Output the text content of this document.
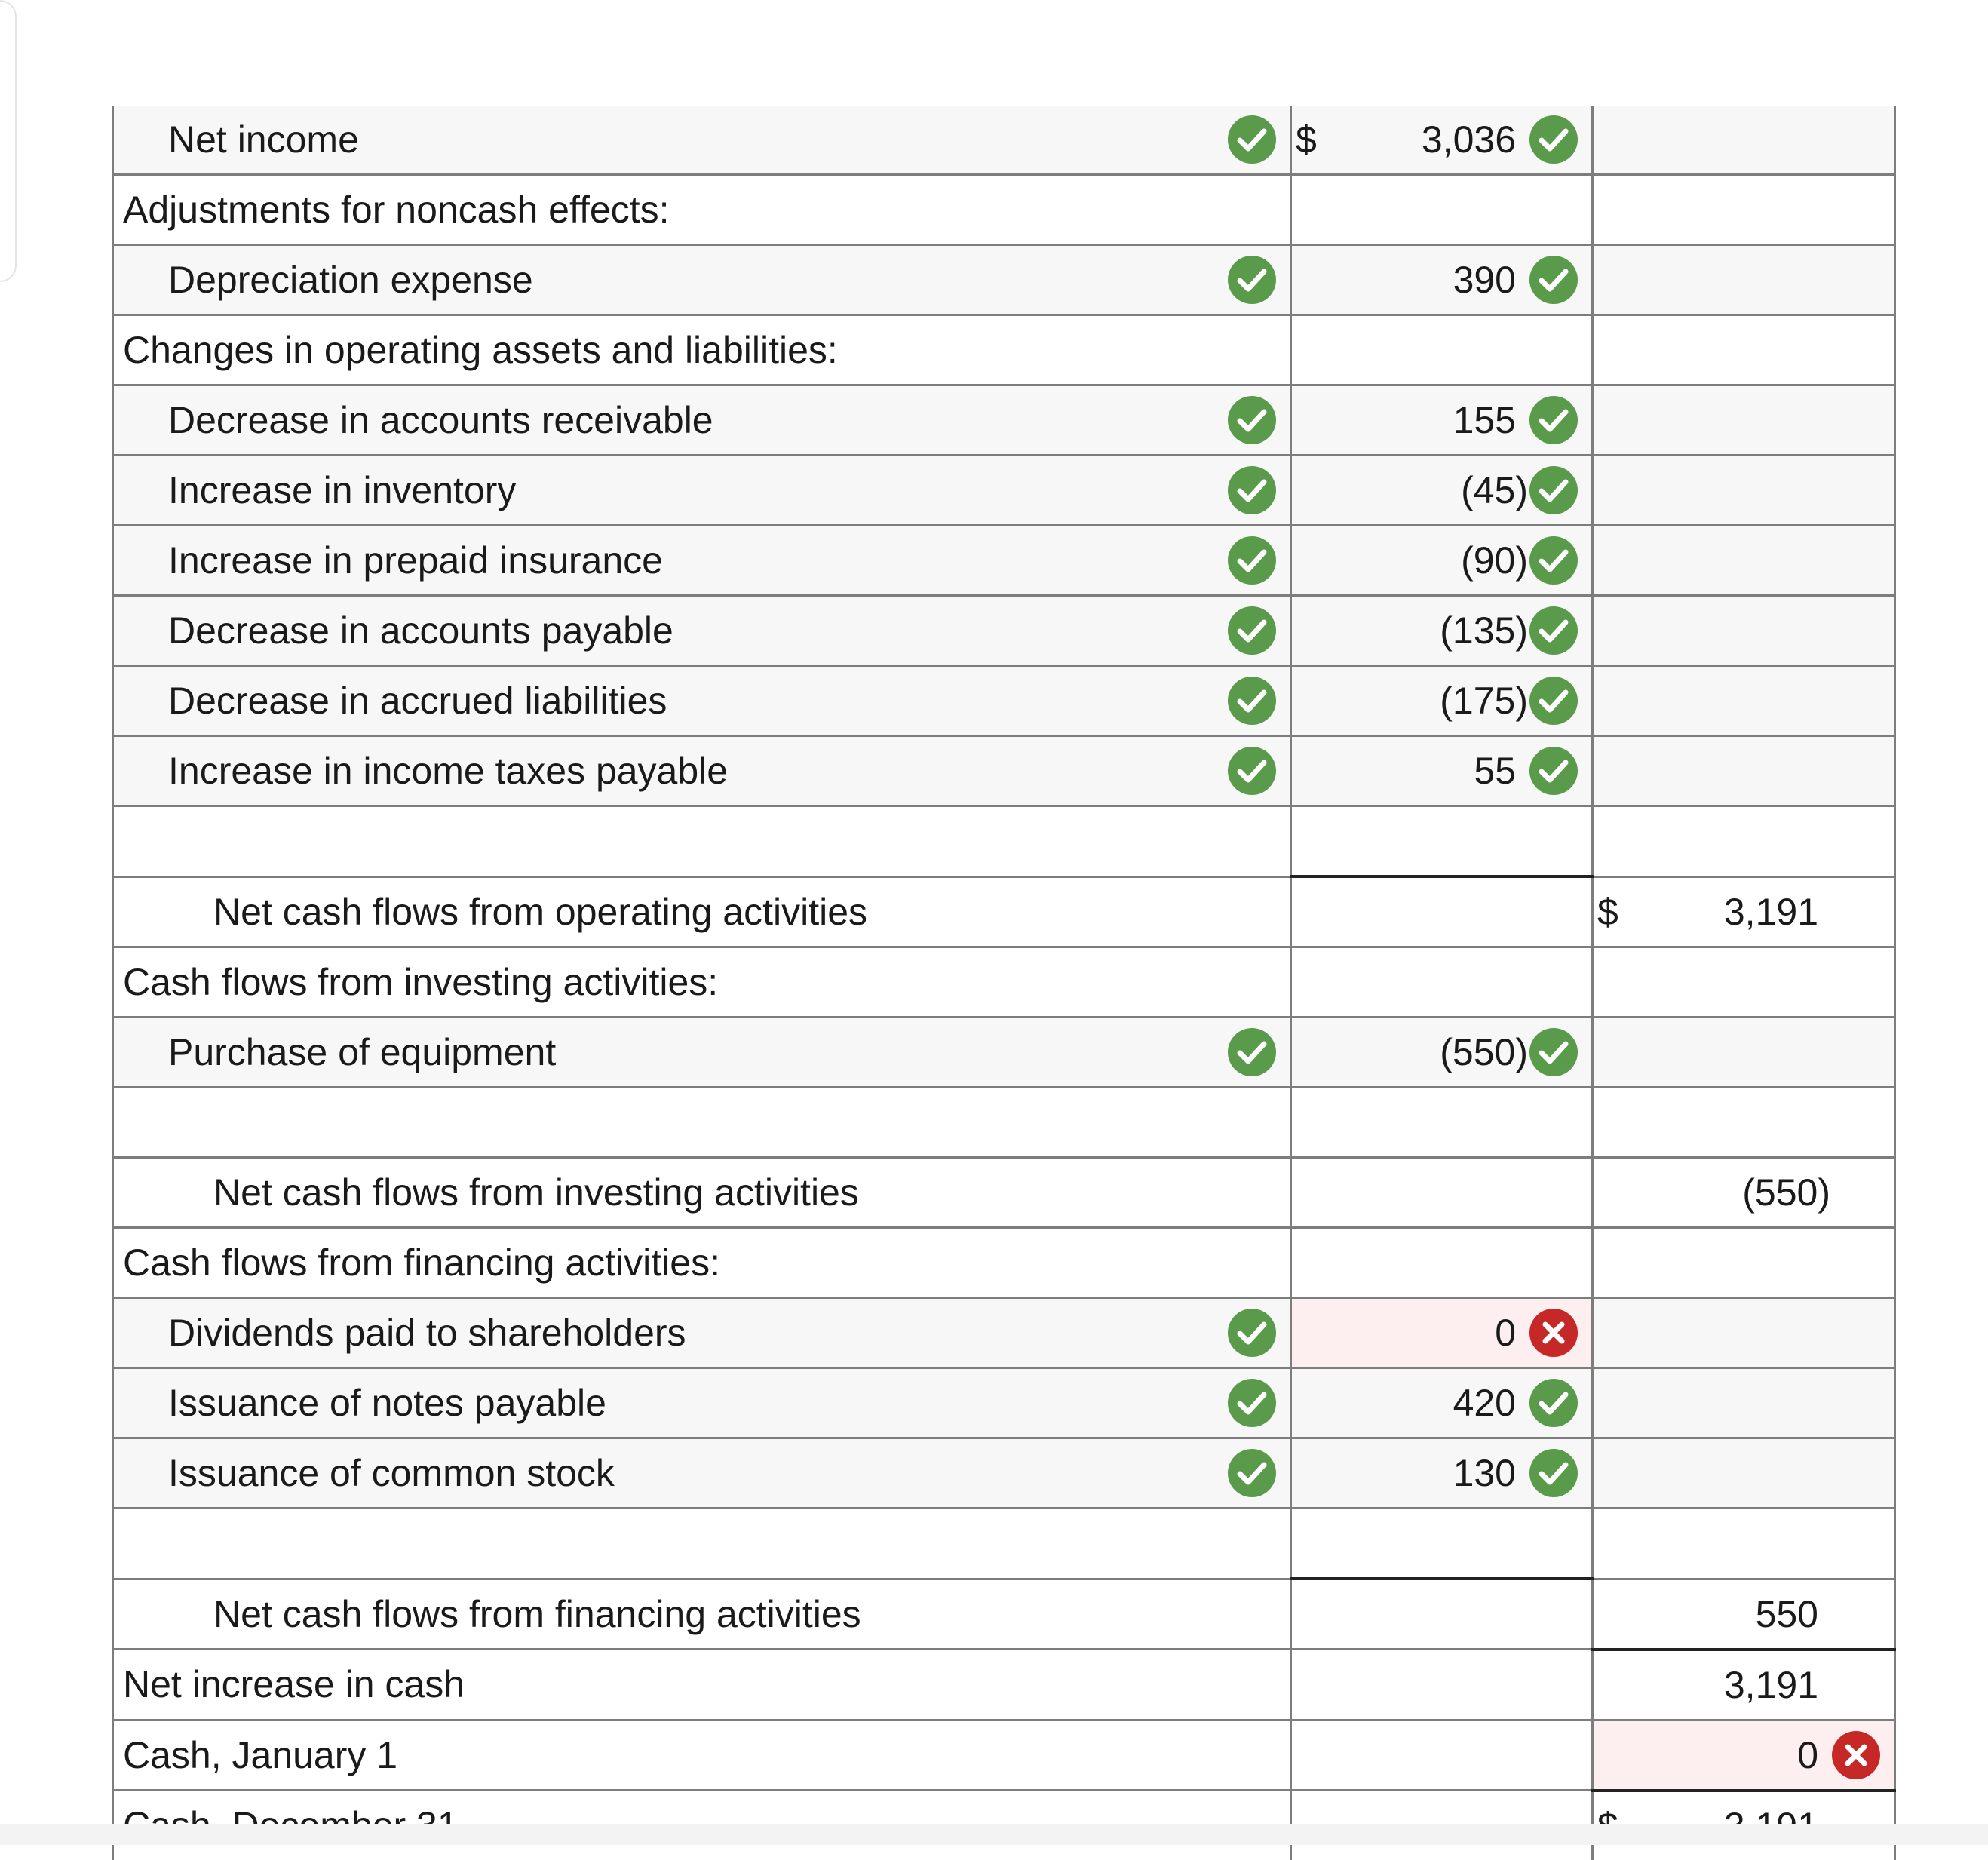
Net income	$ 3,036	

Adjustments for noncash effects:		

Depreciation expense	390	

Changes in operating assets and liabilities:		

Decrease in accounts receivable	155	

Increase in inventory	(45)	

Increase in prepaid insurance	(90)	

Decrease in accounts payable	(135)	

Decrease in accrued liabilities	(175)	

Increase in income taxes payable	55	

Net cash flows from operating activities		$ 3,191

Cash flows from investing activities:		

Purchase of equipment	(550)	

Net cash flows from investing activities		(550)

Cash flows from financing activities:		

Dividends paid to shareholders	0	

Issuance of notes payable	420	

Issuance of common stock	130	

Net cash flows from financing activities		550

Net increase in cash		3,191

Cash, January 1		0
